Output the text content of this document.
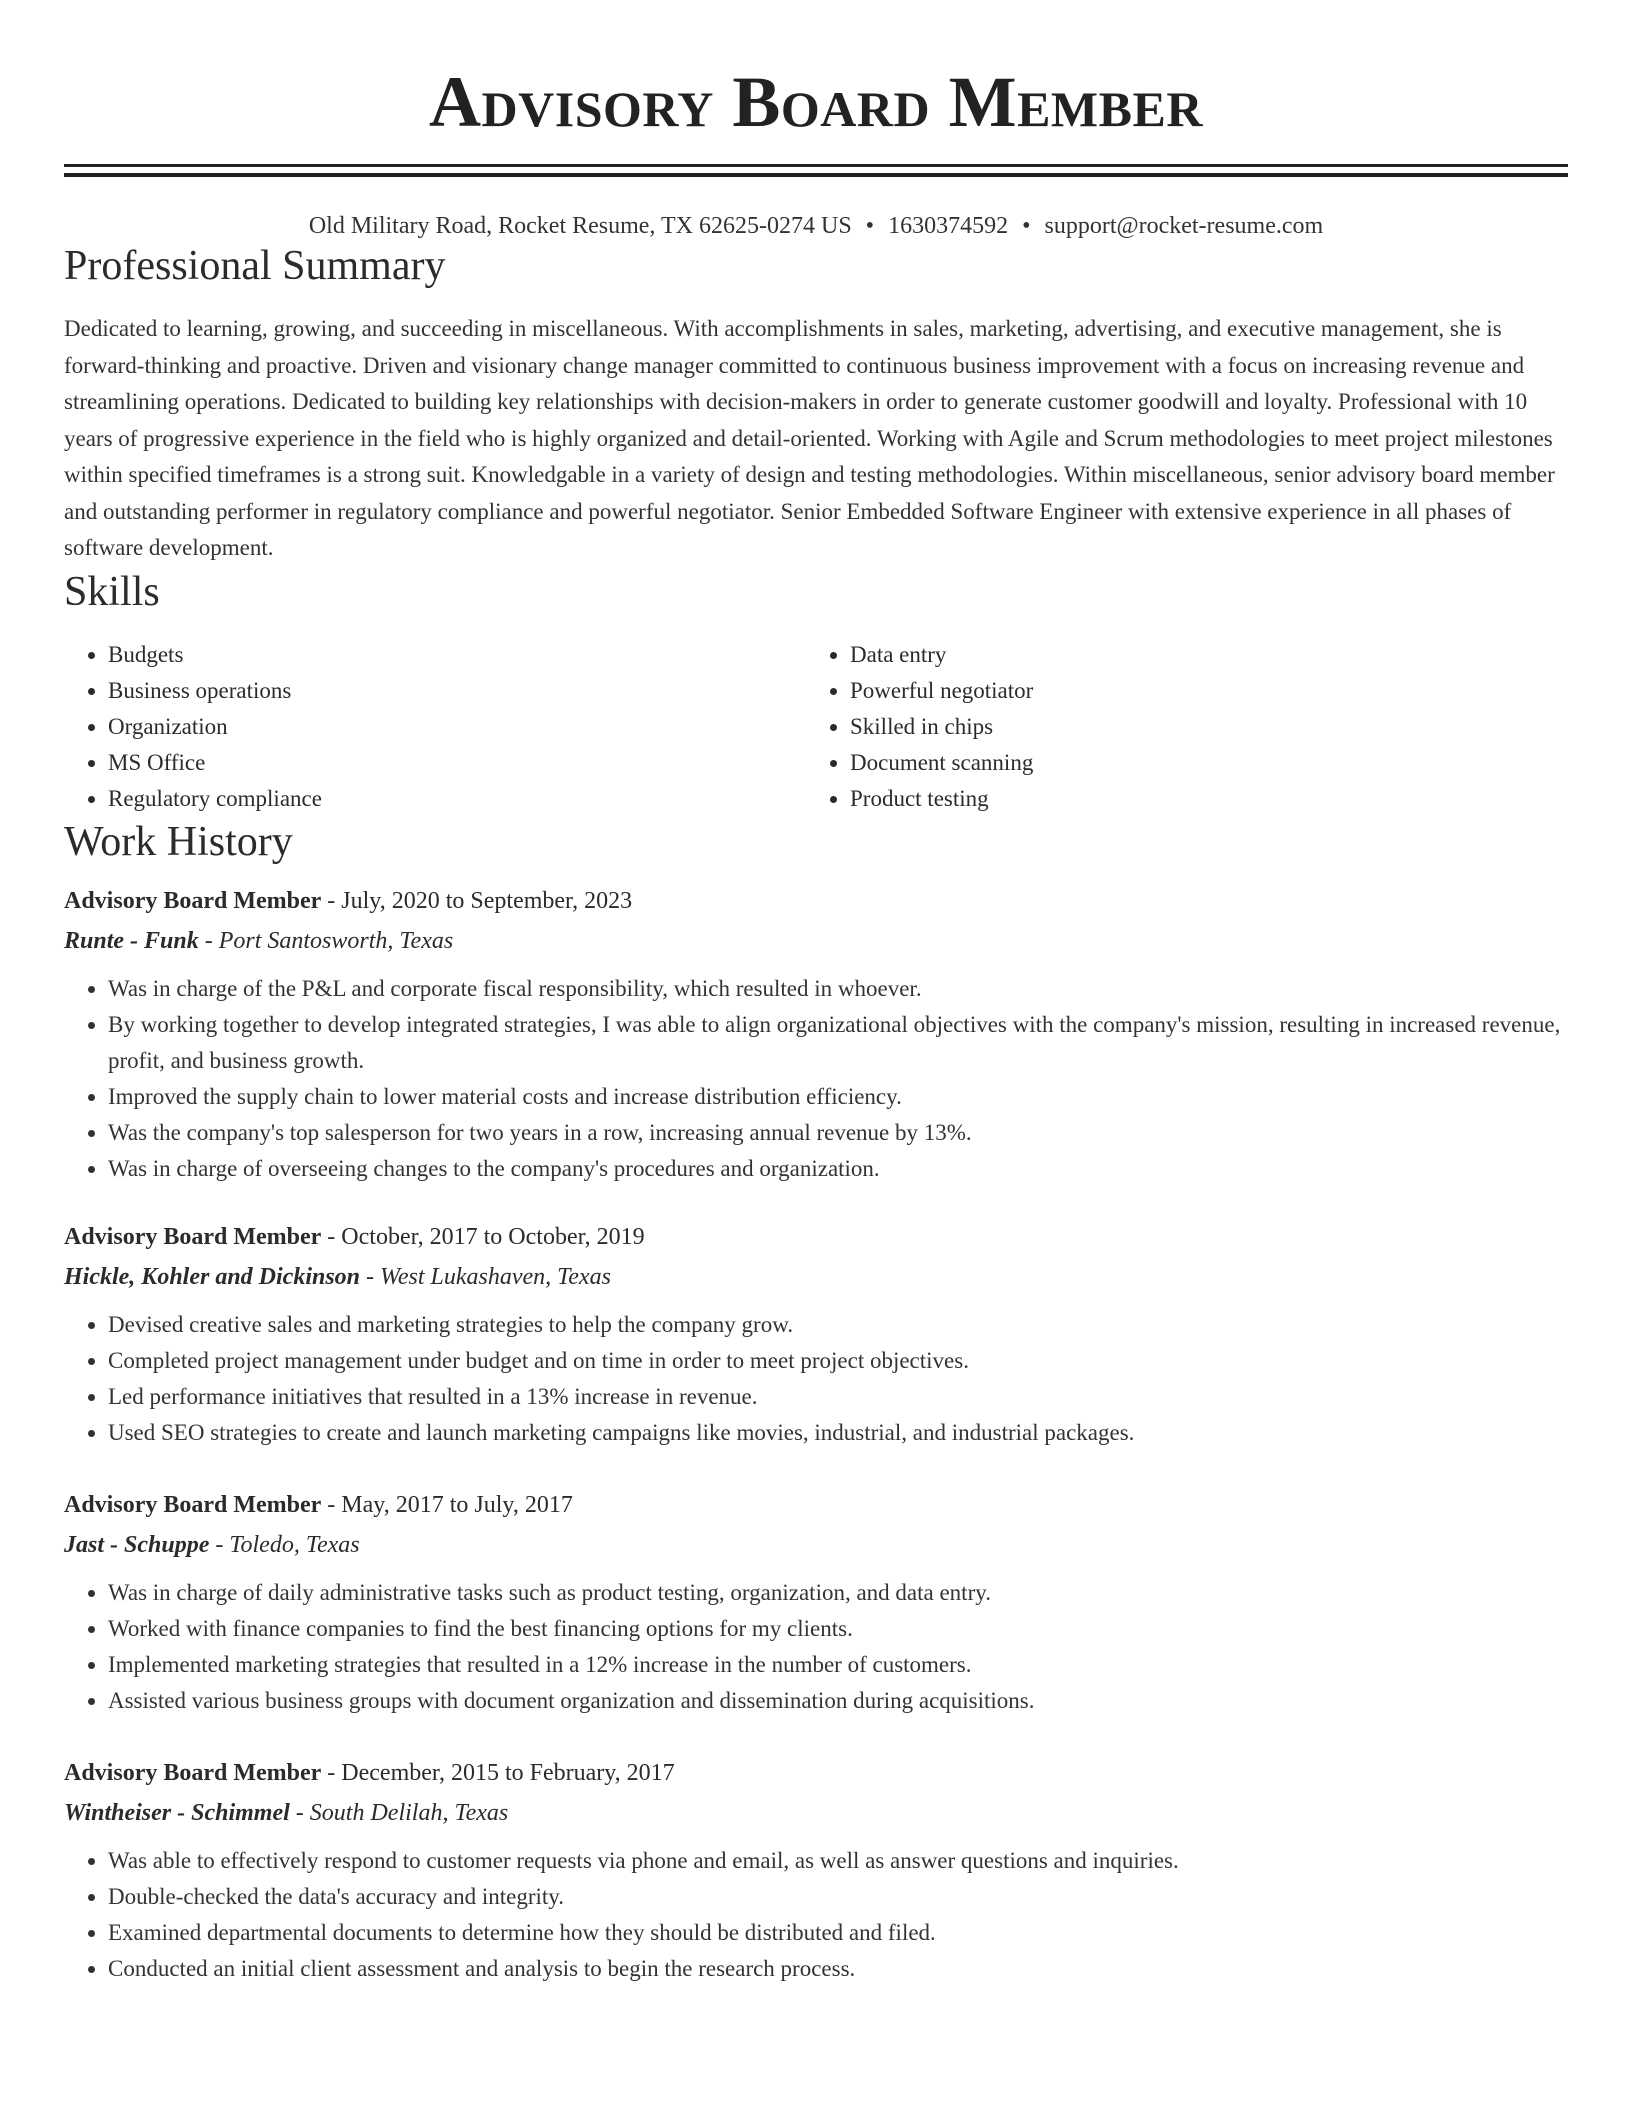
Advisory Board Member
Old Military Road, Rocket Resume, TX 62625-0274 US • 1630374592 • support@rocket-resume.com
Professional Summary

Dedicated to learning, growing, and succeeding in miscellaneous. With accomplishments in sales, marketing, advertising, and executive management, she is forward-thinking and proactive. Driven and visionary change manager committed to continuous business improvement with a focus on increasing revenue and streamlining operations. Dedicated to building key relationships with decision-makers in order to generate customer goodwill and loyalty. Professional with 10 years of progressive experience in the field who is highly organized and detail-oriented. Working with Agile and Scrum methodologies to meet project milestones within specified timeframes is a strong suit. Knowledgable in a variety of design and testing methodologies. Within miscellaneous, senior advisory board member and outstanding performer in regulatory compliance and powerful negotiator. Senior Embedded Software Engineer with extensive experience in all phases of software development.

Skills
• Budgets
• Business operations
• Organization
• MS Office
• Regulatory compliance
• Data entry
• Powerful negotiator
• Skilled in chips
• Document scanning
• Product testing
Work History
Advisory Board Member - July, 2020 to September, 2023
Runte - Funk - Port Santosworth, Texas
• Was in charge of the P&L and corporate fiscal responsibility, which resulted in whoever.
• By working together to develop integrated strategies, I was able to align organizational objectives with the company's mission, resulting in increased revenue, profit, and business growth.
• Improved the supply chain to lower material costs and increase distribution efficiency.
• Was the company's top salesperson for two years in a row, increasing annual revenue by 13%.
• Was in charge of overseeing changes to the company's procedures and organization.
Advisory Board Member - October, 2017 to October, 2019
Hickle, Kohler and Dickinson - West Lukashaven, Texas
• Devised creative sales and marketing strategies to help the company grow.
• Completed project management under budget and on time in order to meet project objectives.
• Led performance initiatives that resulted in a 13% increase in revenue.
• Used SEO strategies to create and launch marketing campaigns like movies, industrial, and industrial packages.
Advisory Board Member - May, 2017 to July, 2017
Jast - Schuppe - Toledo, Texas
• Was in charge of daily administrative tasks such as product testing, organization, and data entry.
• Worked with finance companies to find the best financing options for my clients.
• Implemented marketing strategies that resulted in a 12% increase in the number of customers.
• Assisted various business groups with document organization and dissemination during acquisitions.
Advisory Board Member - December, 2015 to February, 2017
Wintheiser - Schimmel - South Delilah, Texas
• Was able to effectively respond to customer requests via phone and email, as well as answer questions and inquiries.
• Double-checked the data's accuracy and integrity.
• Examined departmental documents to determine how they should be distributed and filed.
• Conducted an initial client assessment and analysis to begin the research process.
